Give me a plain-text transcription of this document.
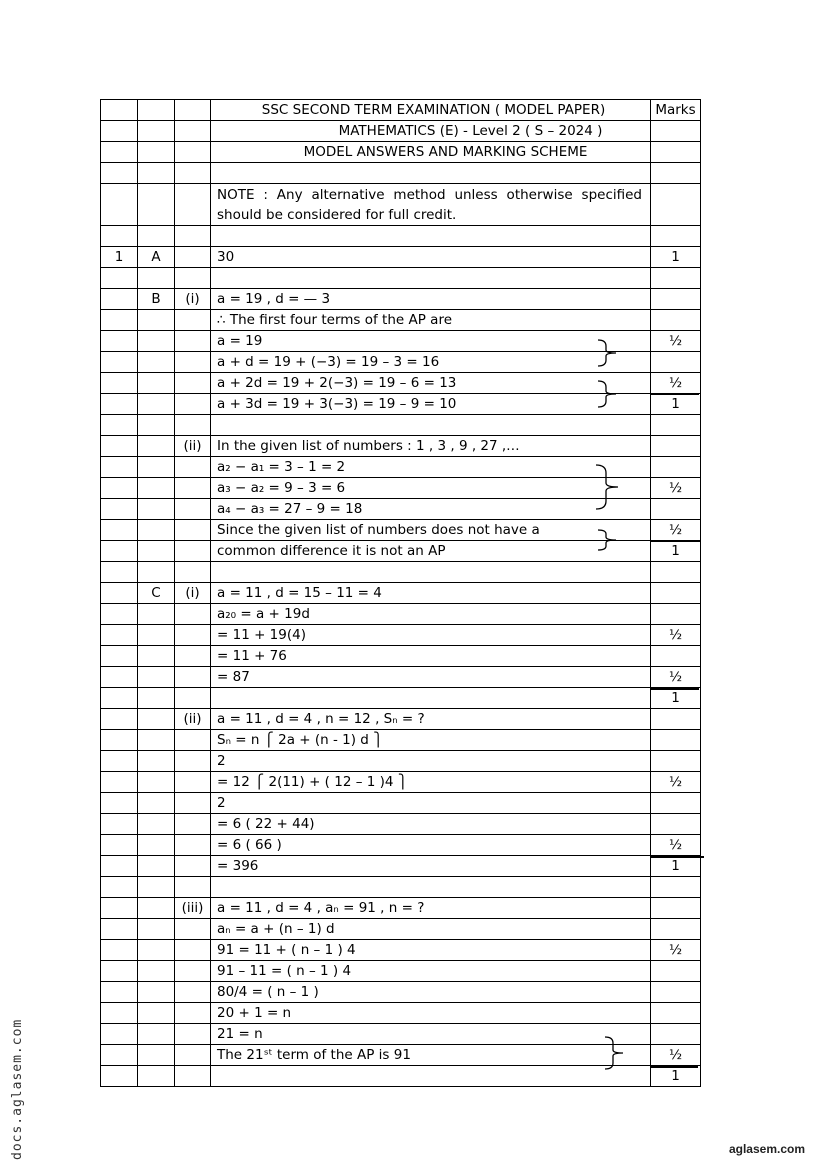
			SSC SECOND TERM EXAMINATION ( MODEL PAPER)	Marks
			MATHEMATICS (E) - Level 2 ( S – 2024 )	
			MODEL ANSWERS AND MARKING SCHEME	

			NOTE : Any alternative method unless otherwise specified should be considered for full credit.	

1	A		30	1

	B	(i)	a = 19 , d = — 3	
			∴ The first four terms of the AP are	
			a = 19	½
			a + d = 19 + (−3) = 19 – 3 = 16	
			a + 2d = 19 + 2(−3) = 19 – 6 = 13	½
			a + 3d = 19 + 3(−3) = 19 – 9 = 10	1

		(ii)	In the given list of numbers : 1 , 3 , 9 , 27 ,…	
			a₂ − a₁ = 3 – 1 = 2	
			a₃ − a₂ = 9 – 3 = 6	½
			a₄ − a₃ = 27 – 9 = 18	
			Since the given list of numbers does not have a	½
			common difference it is not an AP	1

	C	(i)	a = 11 , d = 15 – 11 = 4	
			a₂₀ = a + 19d	
			= 11 + 19(4)	½
			= 11 + 76	
			= 87	½
				1
		(ii)	a = 11 , d = 4 , n = 12 , Sₙ = ?	
			Sₙ = n ⎧ 2a + (n - 1) d ⎫	
			2	
			= 12 ⎧ 2(11) + ( 12 – 1 )4 ⎫	½
			2	
			= 6 ( 22 + 44)	
			= 6 ( 66 )	½
			= 396	1

		(iii)	a = 11 , d = 4 , aₙ = 91 , n = ?	
			aₙ = a + (n – 1) d	
			91 = 11 + ( n – 1 ) 4	½
			91 – 11 = ( n – 1 ) 4	
			80/4 = ( n – 1 )	
			20 + 1 = n	
			21 = n	
			The 21ˢᵗ term of the AP is 91	½
				1
docs.aglasem.com	aglasem.com
